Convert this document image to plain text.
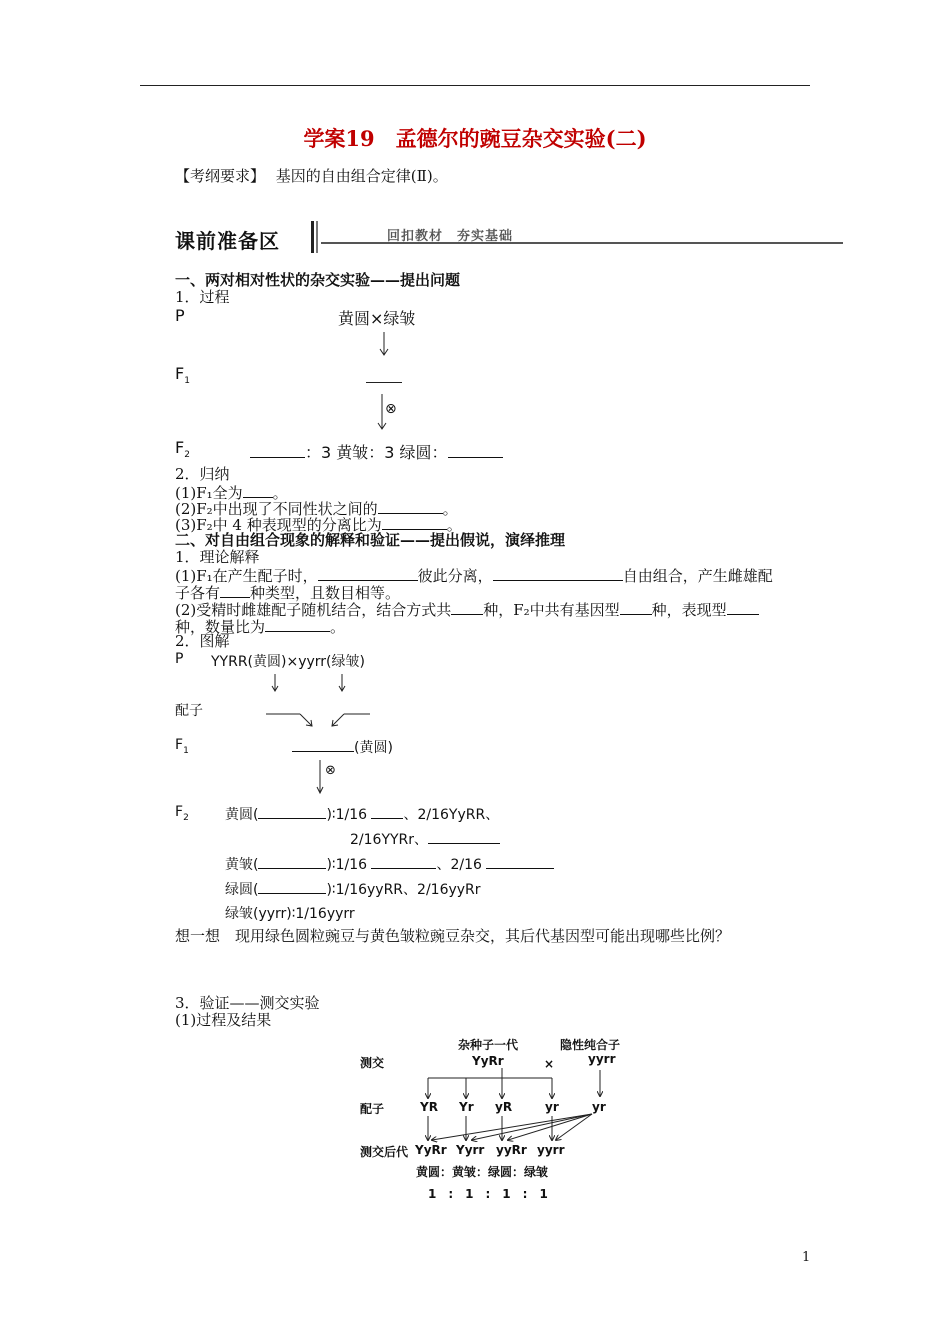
学案19　孟德尔的豌豆杂交实验(二)
【考纲要求】 基因的自由组合定律(Ⅱ)。
课前准备区	回扣教材　夯实基础
一、两对相对性状的杂交实验——提出问题
1．过程
P	黄圆×绿皱
$F_1$
⊗
$F_2$	：3 黄皱：3 绿圆：
2．归纳
(1)F₁全为 。
(2)F₂中出现了不同性状之间的	。
(3)F₂中 4 种表现型的分离比为	。
二、对自由组合现象的解释和验证——提出假说，演绎推理
1．理论解释
(1)F₁在产生配子时，	彼此分离，	自由组合，产生雌雄配
子各有 种类型，且数目相等。
(2)受精时雌雄配子随机结合，结合方式共 种，F₂中共有基因型 种，表现型
种，数量比为	。
2．图解
P YYRR(黄圆)×yyrr(绿皱)
配子
$F_1$	(黄圆)
⊗
$F_2$	黄圆(	)∶1/16	、2/16YyRR、
2/16YYRr、
黄皱(	)∶1/16	、2/16
绿圆(	)∶1/16yyRR、2/16yyRr
绿皱(yyrr)∶1/16yyrr
想一想　现用绿色圆粒豌豆与黄色皱粒豌豆杂交，其后代基因型可能出现哪些比例？
3．验证——测交实验
(1)过程及结果
杂种子一代	隐性纯合子
测交	YyRr	×	yyrr
配子	YR Yr yR	yr	yr
测交后代 YyRr Yyrr yyRr yyrr
黄圆：黄皱：绿圆：绿皱
1　:　1　:　1　:　1
1
